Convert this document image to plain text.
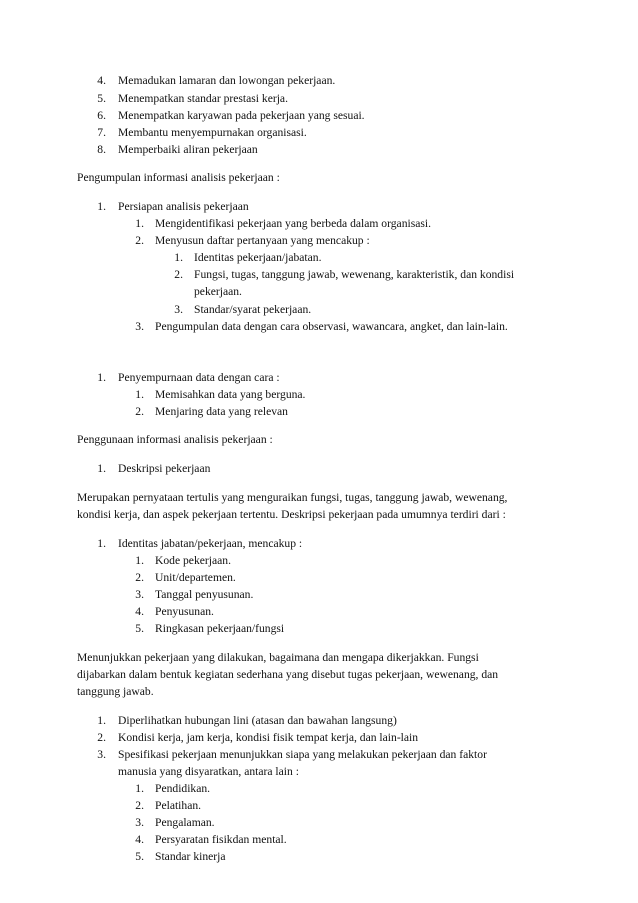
4. Memadukan lamaran dan lowongan pekerjaan.
5. Menempatkan standar prestasi kerja.
6. Menempatkan karyawan pada pekerjaan yang sesuai.
7. Membantu menyempurnakan organisasi.
8. Memperbaiki aliran pekerjaan
Pengumpulan informasi analisis pekerjaan :
1. Persiapan analisis pekerjaan
1. Mengidentifikasi pekerjaan yang berbeda dalam organisasi.
2. Menyusun daftar pertanyaan yang mencakup :
1. Identitas pekerjaan/jabatan.
2. Fungsi, tugas, tanggung jawab, wewenang, karakteristik, dan kondisi
pekerjaan.
3. Standar/syarat pekerjaan.
3. Pengumpulan data dengan cara observasi, wawancara, angket, dan lain-lain.
1. Penyempurnaan data dengan cara :
1. Memisahkan data yang berguna.
2. Menjaring data yang relevan
Penggunaan informasi analisis pekerjaan :
1. Deskripsi pekerjaan
Merupakan pernyataan tertulis yang menguraikan fungsi, tugas, tanggung jawab, wewenang,
kondisi kerja, dan aspek pekerjaan tertentu. Deskripsi pekerjaan pada umumnya terdiri dari :
1. Identitas jabatan/pekerjaan, mencakup :
1. Kode pekerjaan.
2. Unit/departemen.
3. Tanggal penyusunan.
4. Penyusunan.
5. Ringkasan pekerjaan/fungsi
Menunjukkan pekerjaan yang dilakukan, bagaimana dan mengapa dikerjakkan. Fungsi
dijabarkan dalam bentuk kegiatan sederhana yang disebut tugas pekerjaan, wewenang, dan
tanggung jawab.
1. Diperlihatkan hubungan lini (atasan dan bawahan langsung)
2. Kondisi kerja, jam kerja, kondisi fisik tempat kerja, dan lain-lain
3. Spesifikasi pekerjaan menunjukkan siapa yang melakukan pekerjaan dan faktor
manusia yang disyaratkan, antara lain :
1. Pendidikan.
2. Pelatihan.
3. Pengalaman.
4. Persyaratan fisikdan mental.
5. Standar kinerja
